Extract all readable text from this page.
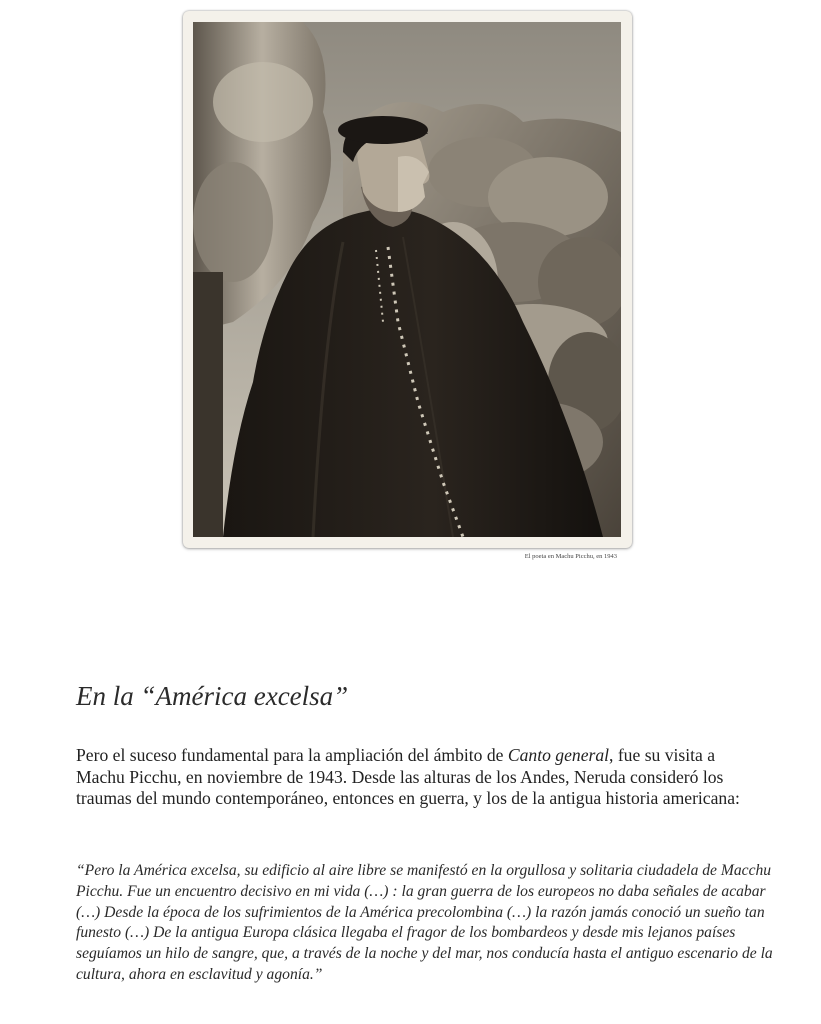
El poeta en Machu Picchu, en 1943
En la “América excelsa”

Pero el suceso fundamental para la ampliación del ámbito de Canto general, fue su visita a Machu Picchu, en noviembre de 1943. Desde las alturas de los Andes, Neruda consideró los traumas del mundo contemporáneo, entonces en guerra, y los de la antigua historia americana:

“Pero la América excelsa, su edificio al aire libre se manifestó en la orgullosa y solitaria ciudadela de Macchu Picchu. Fue un encuentro decisivo en mi vida (…) : la gran guerra de los europeos no daba señales de acabar (…) Desde la época de los sufrimientos de la América precolombina (…) la razón jamás conoció un sueño tan funesto (…) De la antigua Europa clásica llegaba el fragor de los bombardeos y desde mis lejanos países seguíamos un hilo de sangre, que, a través de la noche y del mar, nos conducía hasta el antiguo escenario de la cultura, ahora en esclavitud y agonía.”
